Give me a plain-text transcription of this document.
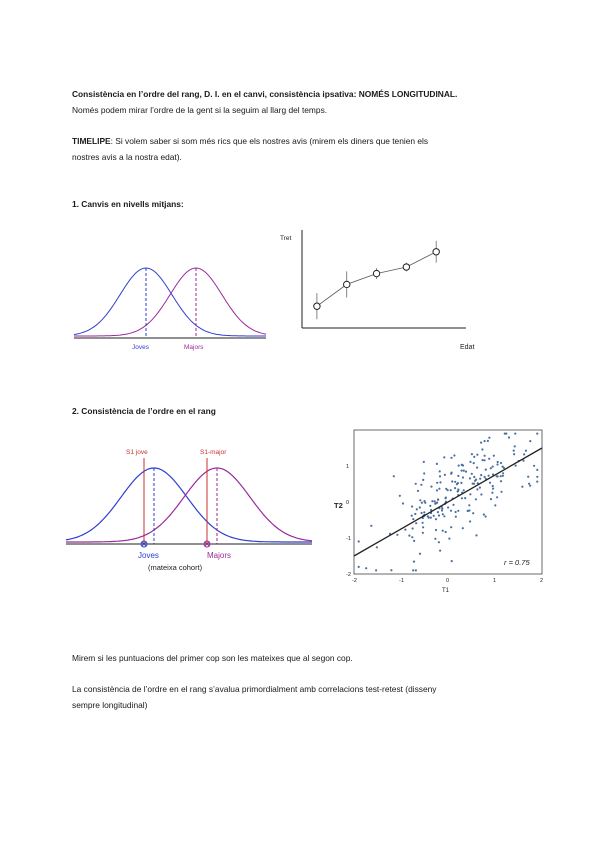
Consistència en l’ordre del rang, D. I. en el canvi, consistència ipsativa: NOMÉS LONGITUDINAL.
Només podem mirar l’ordre de la gent si la seguim al llarg del temps.
TIMELIPE: Si volem saber si som més rics que els nostres avis (mirem els diners que tenien els
nostres avis a la nostra edat).
1. Canvis en nivells mitjans:
Joves	Majors
Tret
Edat
2. Consistència de l’ordre en el rang
S1 jove	S1-major
Joves	Majors
(mateixa cohort)
T2
T1
r = 0.75
-2	-1	0	1	2
1
0
-1
-2
Mirem si les puntuacions del primer cop son les mateixes que al segon cop.
La consistència de l’ordre en el rang s’avalua primordialment amb correlacions test-retest (disseny
sempre longitudinal)
